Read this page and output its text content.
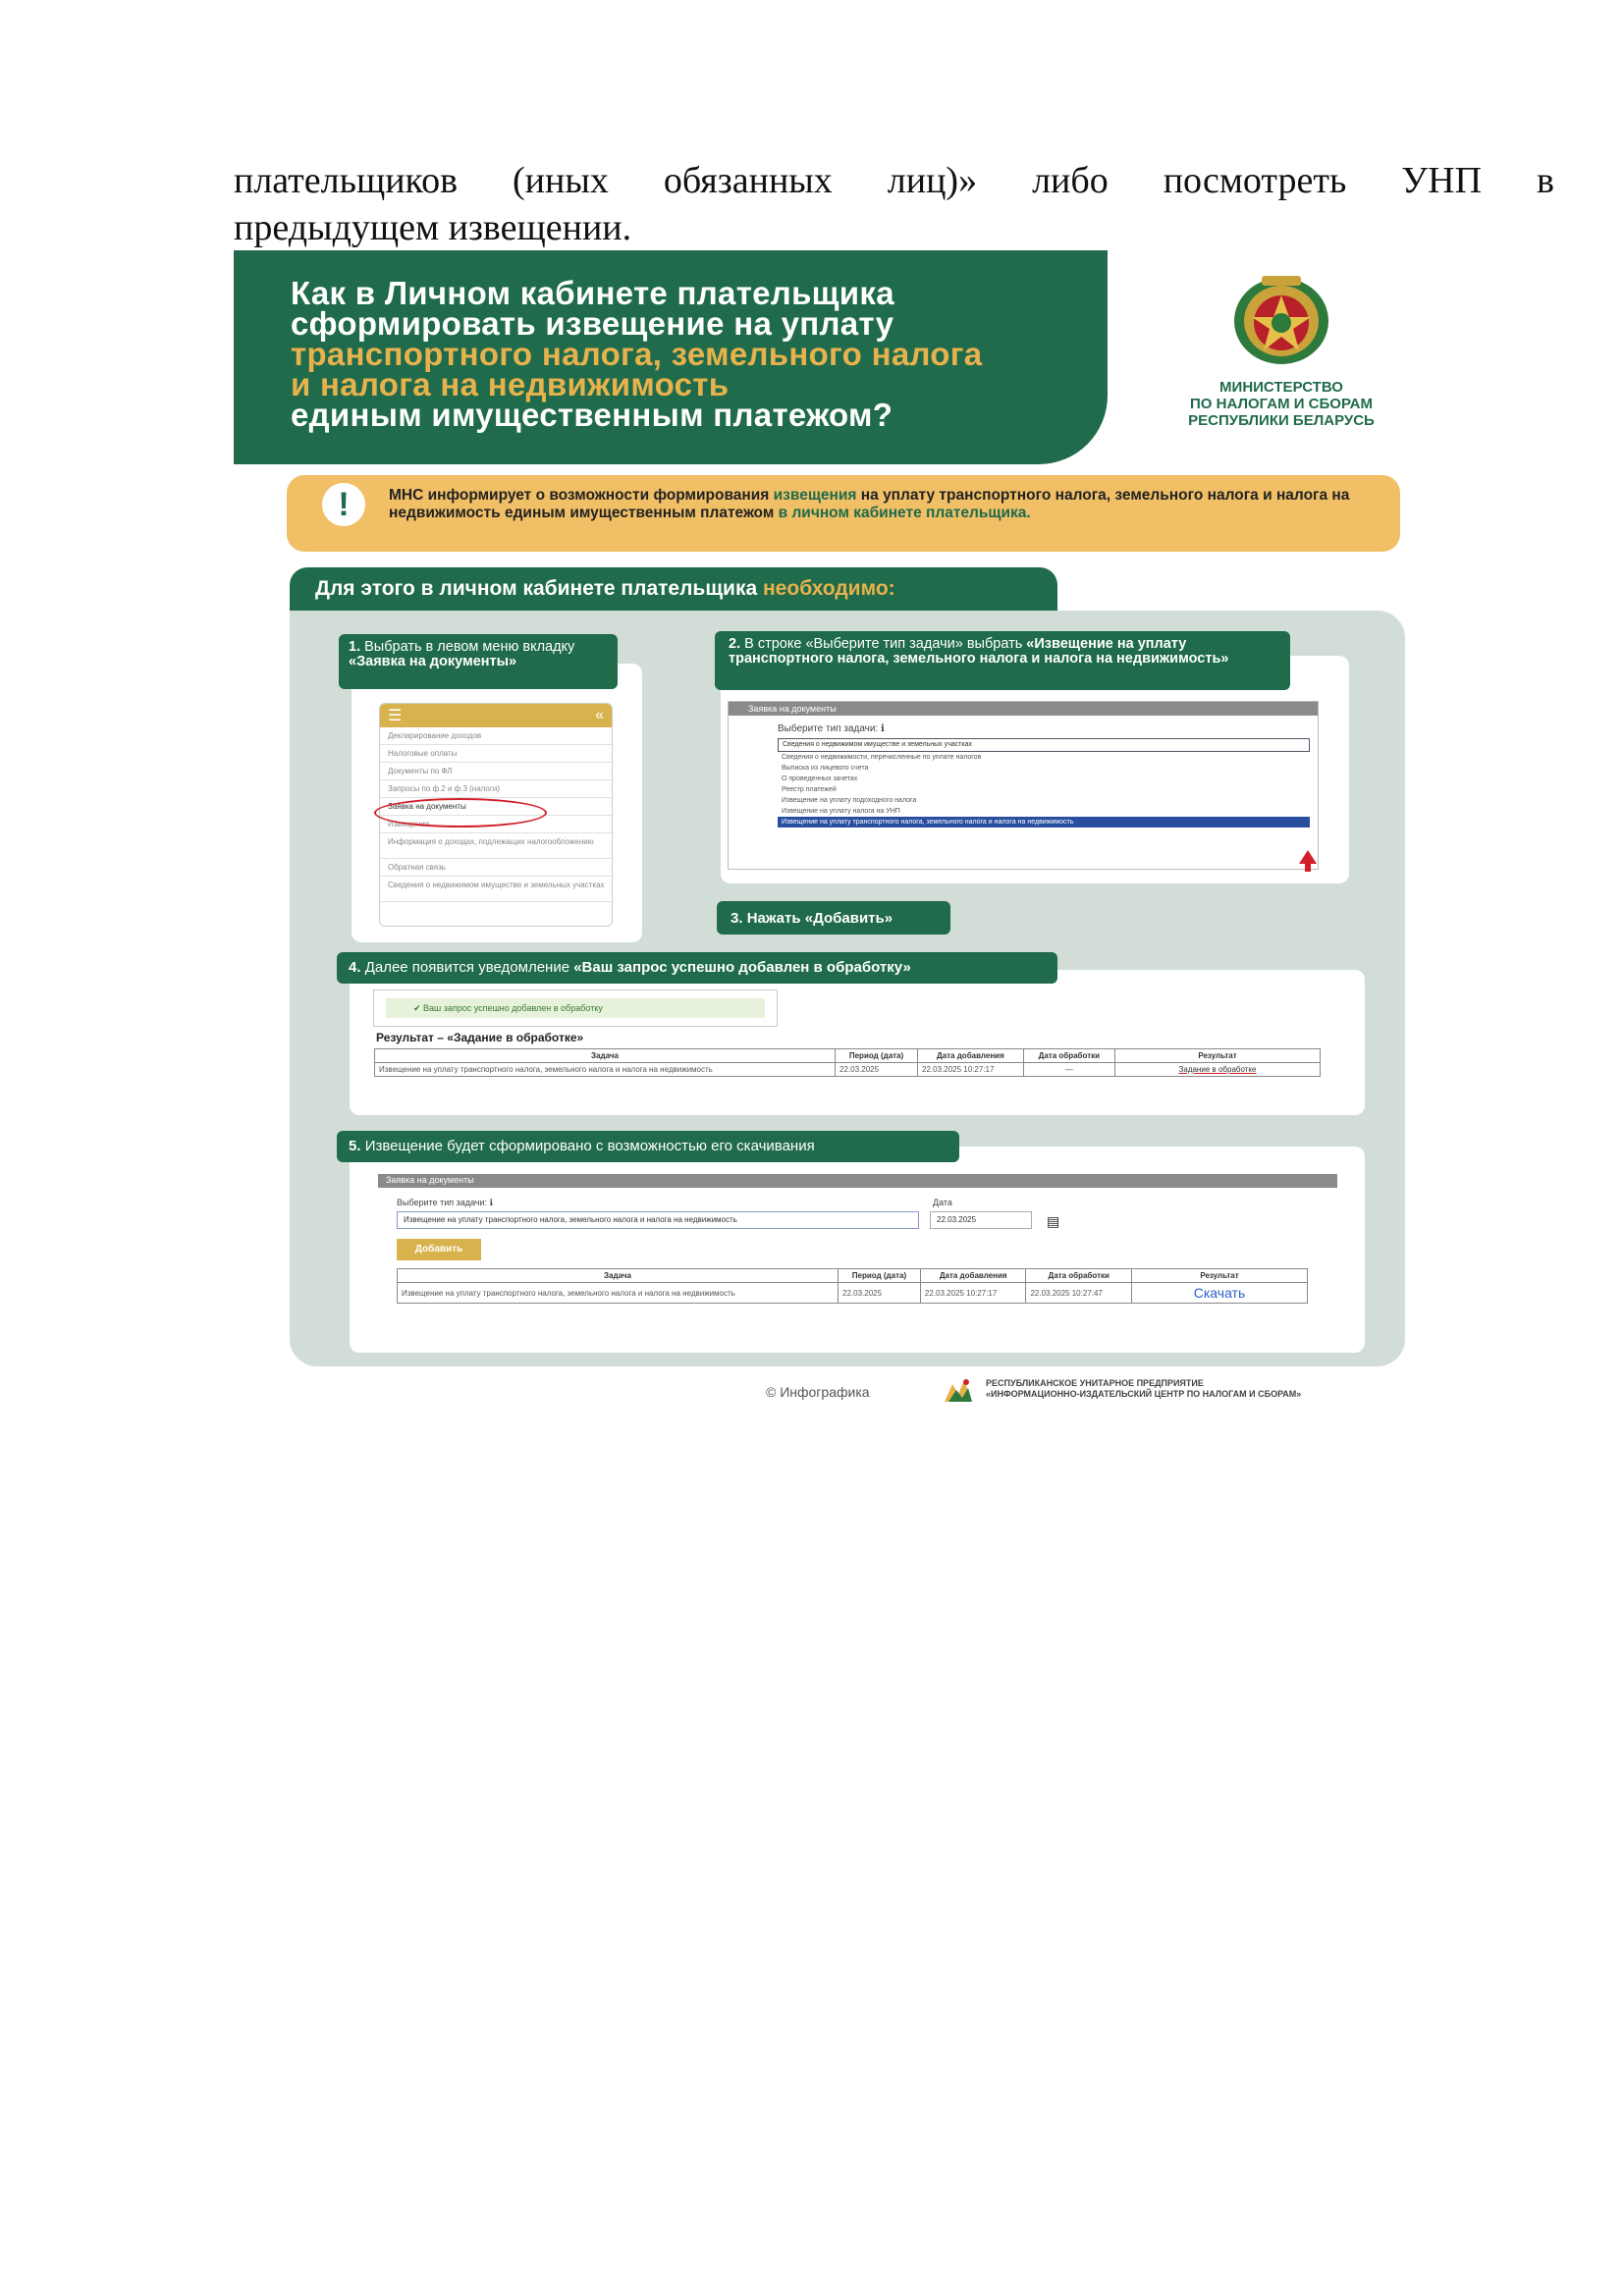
плательщиков (иных обязанных лиц)» либо посмотреть УНП в
предыдущем извещении.
Как в Личном кабинете плательщика
сформировать извещение на уплату
транспортного налога, земельного налога
и налога на недвижимость
единым имущественным платежом?
МИНИСТЕРСТВО
ПО НАЛОГАМ И СБОРАМ
РЕСПУБЛИКИ БЕЛАРУСЬ
!	МНС информирует о возможности формирования извещения на уплату транспортного налога, земельного налога и налога на недвижимость единым имущественным платежом в личном кабинете плательщика.
Для этого в личном кабинете плательщика необходимо:
1. Выбрать в левом меню вкладку «Заявка на документы»
☰	«
Декларирование доходов
Налоговые оплаты
Документы по ФЛ
Запросы по ф.2 и ф.3 (налоги)
Заявка на документы
Извещения
Информация о доходах, подлежащих налогообложению
Обратная связь
Сведения о недвижимом имуществе и земельных участках
2. В строке «Выберите тип задачи» выбрать «Извещение на уплату транспортного налога, земельного налога и налога на недвижимость»
Заявка на документы
Выберите тип задачи: ℹ
Сведения о недвижимом имуществе и земельных участках
Сведения о недвижимости, перечисленные по уплате налогов
Выписка из лицевого счета
О проведенных зачетах
Реестр платежей
Извещение на уплату подоходного налога
Извещение на уплату налога на УНП
Извещение на уплату транспортного налога, земельного налога и налога на недвижимость
3. Нажать «Добавить»
4. Далее появится уведомление «Ваш запрос успешно добавлен в обработку»
✔ Ваш запрос успешно добавлен в обработку
Результат – «Задание в обработке»
Задача	Период (дата)	Дата добавления	Дата обработки	Результат
Извещение на уплату транспортного налога, земельного налога и налога на недвижимость	22.03.2025	22.03.2025 10:27:17	—	Задание в обработке
5. Извещение будет сформировано с возможностью его скачивания
Заявка на документы
Выберите тип задачи: ℹ	Дата
Извещение на уплату транспортного налога, земельного налога и налога на недвижимость	22.03.2025	▤
Добавить
Задача	Период (дата)	Дата добавления	Дата обработки	Результат
Извещение на уплату транспортного налога, земельного налога и налога на недвижимость	22.03.2025	22.03.2025 10:27:17	22.03.2025 10:27:47	Скачать
© Инфографика
РЕСПУБЛИКАНСКОЕ УНИТАРНОЕ ПРЕДПРИЯТИЕ
«ИНФОРМАЦИОННО-ИЗДАТЕЛЬСКИЙ ЦЕНТР ПО НАЛОГАМ И СБОРАМ»
